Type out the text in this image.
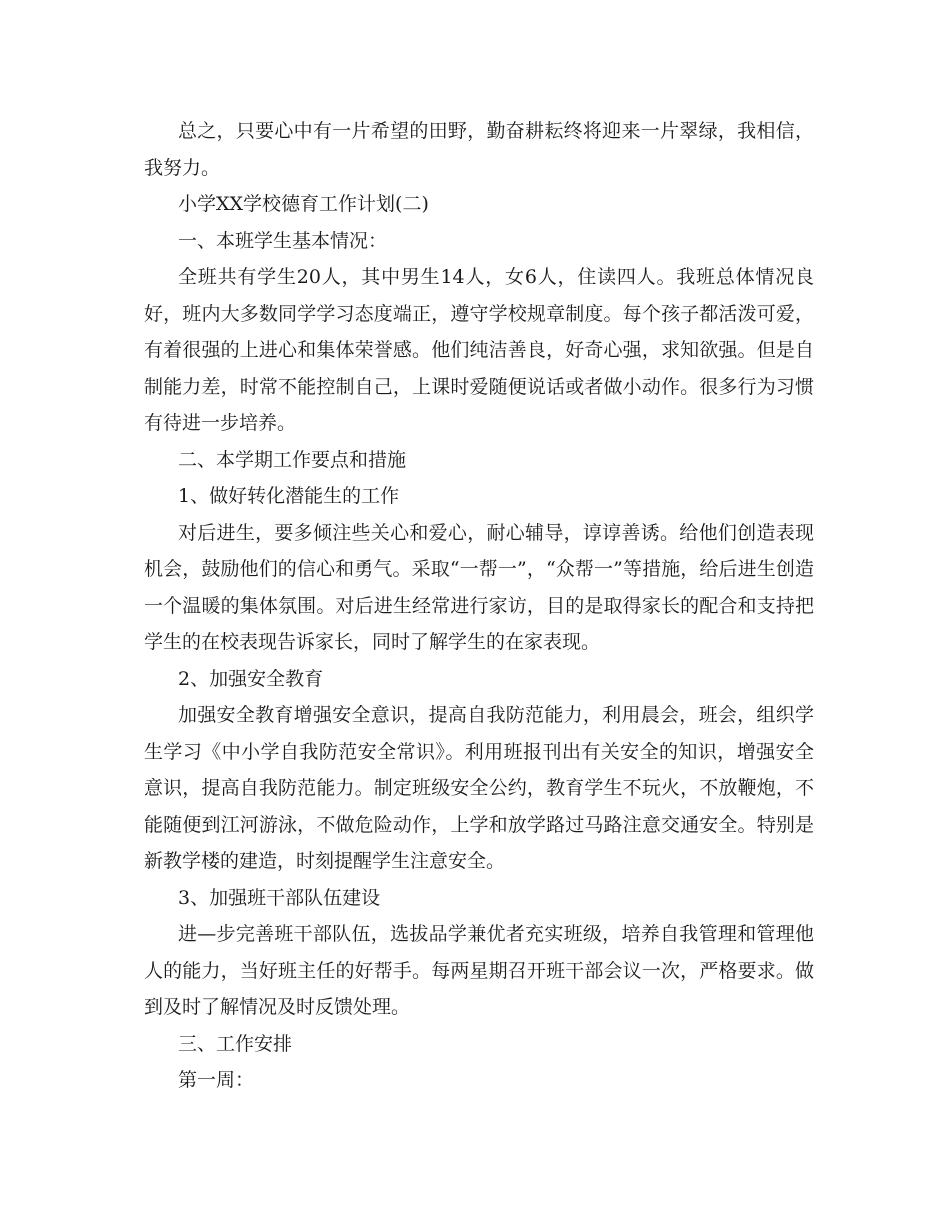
总之，只要心中有一片希望的田野，勤奋耕耘终将迎来一片翠绿，我相信，我努力。

小学XX学校德育工作计划(二)

一、本班学生基本情况：

全班共有学生20人，其中男生14人，女6人，住读四人。我班总体情况良好，班内大多数同学学习态度端正，遵守学校规章制度。每个孩子都活泼可爱，有着很强的上进心和集体荣誉感。他们纯洁善良，好奇心强，求知欲强。但是自制能力差，时常不能控制自己，上课时爱随便说话或者做小动作。很多行为习惯有待进一步培养。

二、本学期工作要点和措施

1、做好转化潜能生的工作

对后进生，要多倾注些关心和爱心，耐心辅导，谆谆善诱。给他们创造表现机会，鼓励他们的信心和勇气。采取“一帮一”，“众帮一”等措施，给后进生创造一个温暖的集体氛围。对后进生经常进行家访，目的是取得家长的配合和支持把学生的在校表现告诉家长，同时了解学生的在家表现。

2、加强安全教育

加强安全教育增强安全意识，提高自我防范能力，利用晨会，班会，组织学生学习《中小学自我防范安全常识》。利用班报刊出有关安全的知识，增强安全意识，提高自我防范能力。制定班级安全公约，教育学生不玩火，不放鞭炮，不能随便到江河游泳，不做危险动作，上学和放学路过马路注意交通安全。特别是新教学楼的建造，时刻提醒学生注意安全。

3、加强班干部队伍建设

进—步完善班干部队伍，选拔品学兼优者充实班级，培养自我管理和管理他人的能力，当好班主任的好帮手。每两星期召开班干部会议一次，严格要求。做到及时了解情况及时反馈处理。

三、工作安排

第一周：
